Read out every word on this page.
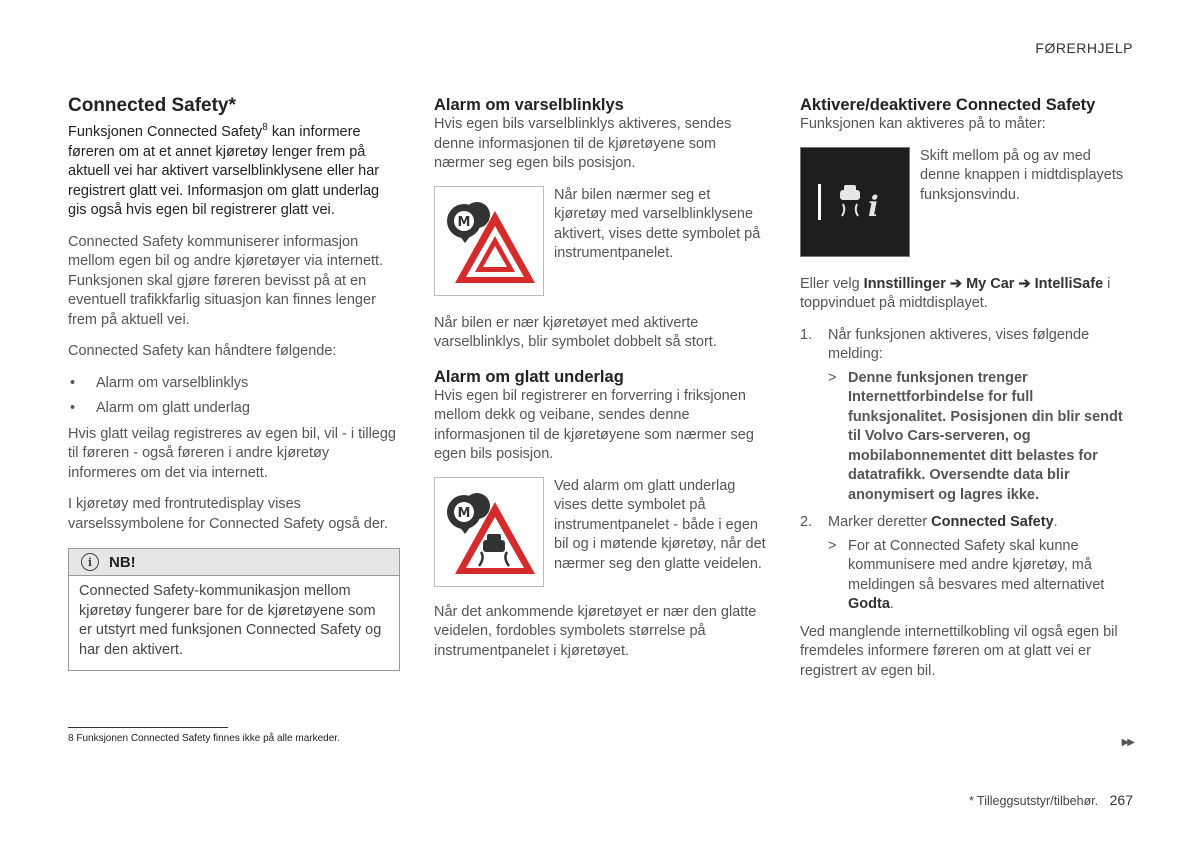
FØRERHJELP
Connected Safety*

Funksjonen Connected Safety$^8$ kan informere føreren om at et annet kjøretøy lenger frem på aktuell vei har aktivert varselblinklysene eller har registrert glatt vei. Informasjon om glatt underlag gis også hvis egen bil registrerer glatt vei.

Connected Safety kommuniserer informasjon mellom egen bil og andre kjøretøyer via internett. Funksjonen skal gjøre føreren bevisst på at en eventuell trafikkfarlig situasjon kan finnes lenger frem på aktuell vei.

Connected Safety kan håndtere følgende:

• Alarm om varselblinklys
• Alarm om glatt underlag

Hvis glatt veilag registreres av egen bil, vil - i tillegg til føreren - også føreren i andre kjøretøy informeres om det via internett.

I kjøretøy med frontrutedisplay vises varselssymbolene for Connected Safety også der.

i	NB!
Connected Safety-kommunikasjon mellom kjøretøy fungerer bare for de kjøretøyene som er utstyrt med funksjonen Connected Safety og har den aktivert.
Alarm om varselblinklys

Hvis egen bils varselblinklys aktiveres, sendes denne informasjonen til de kjøretøyene som nærmer seg egen bils posisjon.

M
Når bilen nærmer seg et kjøretøy med varselblinklysene aktivert, vises dette symbolet på instrumentpanelet.

Når bilen er nær kjøretøyet med aktiverte varselblinklys, blir symbolet dobbelt så stort.

Alarm om glatt underlag

Hvis egen bil registrerer en forverring i friksjonen mellom dekk og veibane, sendes denne informasjonen til de kjøretøyene som nærmer seg egen bils posisjon.

M
Ved alarm om glatt underlag vises dette symbolet på instrumentpanelet - både i egen bil og i møtende kjøretøy, når det nærmer seg den glatte veidelen.

Når det ankommende kjøretøyet er nær den glatte veidelen, fordobles symbolets størrelse på instrumentpanelet i kjøretøyet.

Aktivere/deaktivere Connected Safety

Funksjonen kan aktiveres på to måter:

i
Skift mellom på og av med denne knappen i midtdisplayets funksjonsvindu.

Eller velg Innstillinger ➔ My Car ➔ IntelliSafe i toppvinduet på midtdisplayet.

1. Når funksjonen aktiveres, vises følgende melding:
> Denne funksjonen trenger Internettforbindelse for full funksjonalitet. Posisjonen din blir sendt til Volvo Cars-serveren, og mobilabonnementet ditt belastes for datatrafikk. Oversendte data blir anonymisert og lagres ikke.
2. Marker deretter Connected Safety.
> For at Connected Safety skal kunne kommunisere med andre kjøretøy, må meldingen så besvares med alternativet Godta.

Ved manglende internettilkobling vil også egen bil fremdeles informere føreren om at glatt vei er registrert av egen bil.

8 Funksjonen Connected Safety finnes ikke på alle markeder.	▶▶
* Tilleggsutstyr/tilbehør. 267
